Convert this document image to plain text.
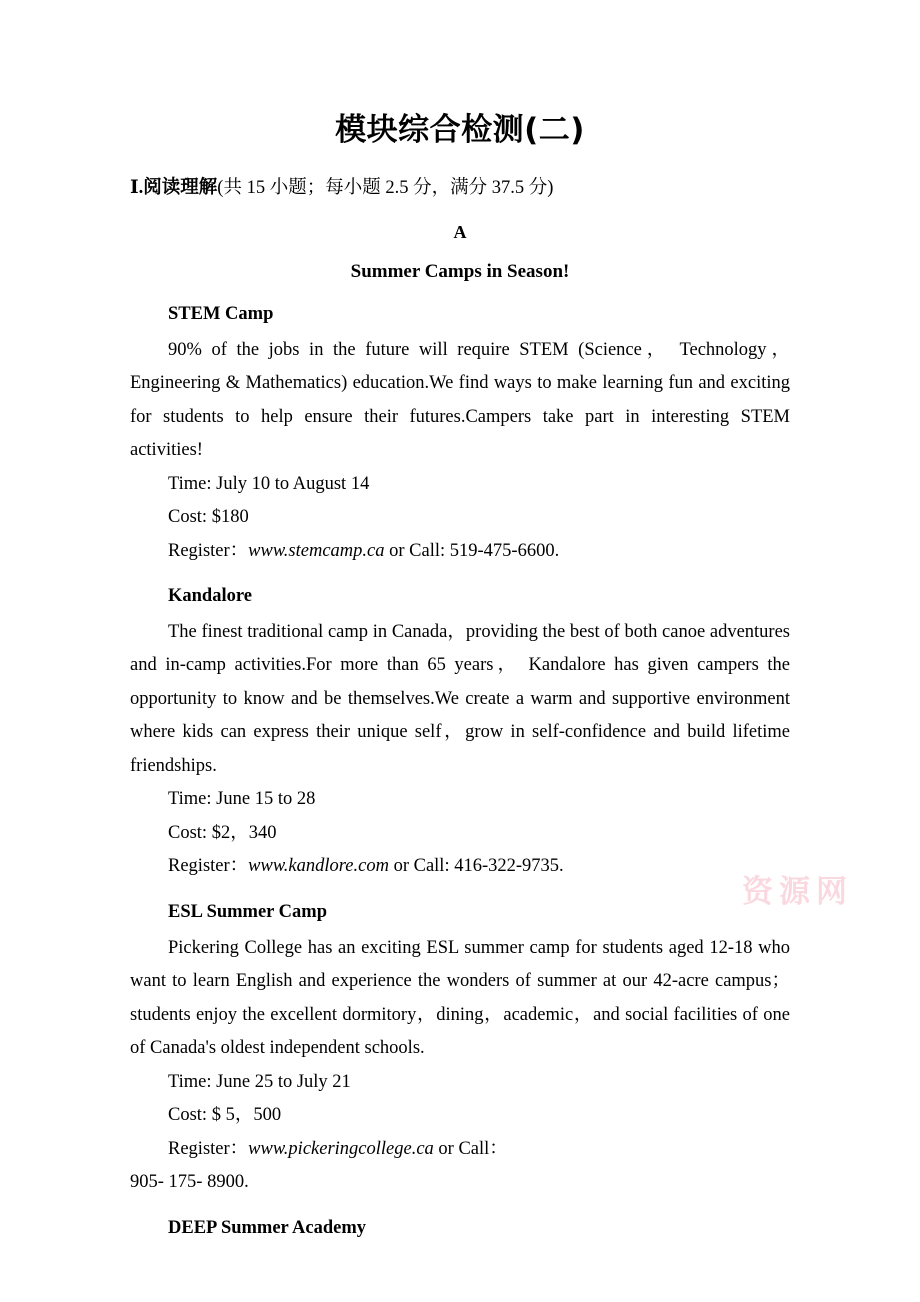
资源网
模块综合检测(二)
Ⅰ.阅读理解(共 15 小题；每小题 2.5 分，满分 37.5 分)
A
Summer Camps in Season!
STEM Camp
90% of the jobs in the future will require STEM (Science， Technology，Engineering & Mathematics) education.We find ways to make learning fun and exciting for students to help ensure their futures.Campers take part in interesting STEM activities!
Time: July 10 to August 14
Cost: $180
Register：www.stemcamp.ca or Call: 519-475-6600.
Kandalore
The finest traditional camp in Canada，providing the best of both canoe adventures and in‑camp activities.For more than 65 years， Kandalore has given campers the opportunity to know and be themselves.We create a warm and supportive environment where kids can express their unique self，grow in self‑confidence and build lifetime friendships.
Time: June 15 to 28
Cost: $2，340
Register：www.kandlore.com or Call: 416-322-9735.
ESL Summer Camp
Pickering College has an exciting ESL summer camp for students aged 12-18 who want to learn English and experience the wonders of summer at our 42-acre campus；students enjoy the excellent dormitory，dining，academic，and social facilities of one of Canada's oldest independent schools.
Time: June 25 to July 21
Cost: $ 5，500
Register：www.pickeringcollege.ca or Call：
905‑ 175‑ 8900.
DEEP Summer Academy
